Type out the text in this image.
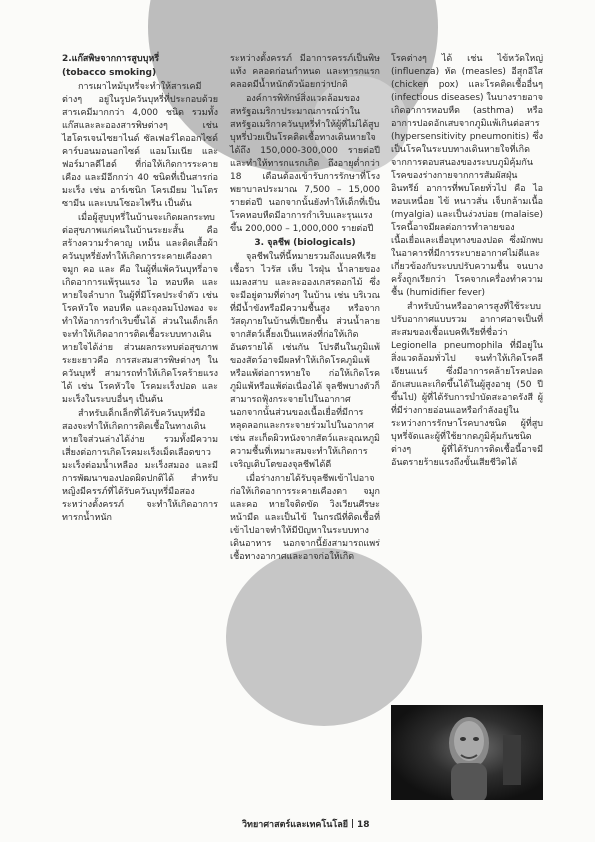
2.แก๊สพิษจากการสูบบุหรี่

(tobacco smoking)

การเผาไหม้บุหรี่จะทำให้สารเคมีต่างๆ อยู่ในรูปควันบุหรี่ที่ประกอบด้วยสารเคมีมากกว่า 4,000 ชนิด รวมทั้งแก๊สและละอองสารพิษต่างๆ เช่น ไฮโดรเจนไซยาไนด์ ซัลเฟอร์ไดออกไซด์ คาร์บอนมอนอกไซด์ แอมโมเนีย และฟอร์มาลดีไฮด์ ที่ก่อให้เกิดการระคายเคือง และมีอีกกว่า 40 ชนิดที่เป็นสารก่อมะเร็ง เช่น อาร์เซนิก โครเมียม ไนโตรซามีน และเบนโซอะไพรีน เป็นต้น

เมื่อผู้สูบบุหรี่ในบ้านจะเกิดผลกระทบต่อสุขภาพแก่คนในบ้านระยะสั้น คือ สร้างความรำคาญ เหม็น และติดเสื้อผ้า ควันบุหรี่ยังทำให้เกิดการระคายเคืองตา จมูก คอ และ คือ ในผู้ที่แพ้ควันบุหรี่อาจเกิดอาการแพ้รุนแรง ไอ หอบหืด และหายใจลำบาก ในผู้ที่มีโรคประจำตัว เช่น โรคหัวใจ หอบหืด และถุงลมโป่งพอง จะทำให้อาการกำเริบขึ้นได้ ส่วนในเด็กเล็กจะทำให้เกิดอาการติดเชื้อระบบทางเดินหายใจได้ง่าย ส่วนผลกระทบต่อสุขภาพระยะยาวคือ การสะสมสารพิษต่างๆ ในควันบุหรี่ สามารถทำให้เกิดโรคร้ายแรงได้ เช่น โรคหัวใจ โรคมะเร็งปอด และมะเร็งในระบบอื่นๆ เป็นต้น

สำหรับเด็กเล็กที่ได้รับควันบุหรี่มือสองจะทำให้เกิดการติดเชื้อในทางเดินหายใจส่วนล่างได้ง่าย รวมทั้งมีความเสี่ยงต่อการเกิดโรคมะเร็งเม็ดเลือดขาว มะเร็งต่อมน้ำเหลือง มะเร็งสมอง และมีการพัฒนาของปอดผิดปกติได้ สำหรับหญิงมีครรภ์ที่ได้รับควันบุหรี่มือสองระหว่างตั้งครรภ์ จะทำให้เกิดอาการทารกน้ำหนัก

ระหว่างตั้งครรภ์ มีอาการครรภ์เป็นพิษ แท้ง คลอดก่อนกำหนด และทารกแรกคลอดมีน้ำหนักตัวน้อยกว่าปกติ

องค์การพิทักษ์สิ่งแวดล้อมของสหรัฐอเมริกาประมาณการณ์ว่าในสหรัฐอเมริกาควันบุหรี่ทำให้ผู้ที่ไม่ได้สูบบุหรี่ป่วยเป็นโรคติดเชื้อทางเดินหายใจได้ถึง 150,000-300,000 รายต่อปี และทำให้ทารกแรกเกิด ถึงอายุต่ำกว่า 18 เดือนต้องเข้ารับการรักษาที่โรงพยาบาลประมาณ 7,500 – 15,000 รายต่อปี นอกจากนั้นยังทำให้เด็กที่เป็นโรคหอบหืดมีอาการกำเริบและรุนแรงขึ้น 200,000 – 1,000,000 รายต่อปี

3. จุลชีพ (biologicals)

จุลชีพในที่นี้หมายรวมถึงแบคทีเรีย เชื้อรา ไวรัส เห็บ ไรฝุ่น น้ำลายของ แมลงสาบ และละอองเกสรดอกไม้ ซึ่งจะมีอยู่ตามที่ต่างๆ ในบ้าน เช่น บริเวณที่มีน้ำขังหรือมีความชื้นสูง หรือจากวัสดุภายในบ้านที่เปียกชื้น ส่วนน้ำลายจากสัตว์เลี้ยงเป็นแหล่งที่ก่อให้เกิดอันตรายได้ เช่นกัน โปรตีนในภูมิแพ้ของสัตว์อาจมีผลทำให้เกิดโรคภูมิแพ้หรือแพ้ต่อการหายใจ ก่อให้เกิดโรคภูมิแพ้หรือแพ้ต่อเนื่องได้ จุลชีพบางตัวก็สามารถฟุ้งกระจายไปในอากาศนอกจากนั้นส่วนของเนื้อเยื่อที่มีการหลุดลอกและกระจายร่วมไปในอากาศ เช่น สะเก็ดผิวหนังจากสัตว์และอุณหภูมิ ความชื้นที่เหมาะสมจะทำให้เกิดการเจริญเติบโตของจุลชีพได้ดี

เมื่อร่างกายได้รับจุลชีพเข้าไปอาจก่อให้เกิดอาการระคายเคืองตา จมูก และคอ หายใจติดขัด วิงเวียนศีรษะ หน้ามืด และเป็นไข้ ในกรณีที่ติดเชื้อที่เข้าไปอาจทำให้มีปัญหาในระบบทางเดินอาหาร นอกจากนี้ยังสามารถแพร่เชื้อทางอากาศและอาจก่อให้เกิด

โรคต่างๆ ได้ เช่น ไข้หวัดใหญ่ (influenza) หัด (measles) อีสุกอีใส (chicken pox) และโรคติดเชื้ออื่นๆ (infectious diseases) ในบางรายอาจเกิดอาการหอบหืด (asthma) หรืออาการปอดอักเสบจากภูมิแพ้เกินต่อสาร (hypersensitivity pneumonitis) ซึ่งเป็นโรคในระบบทางเดินหายใจที่เกิดจากการตอบสนองของระบบภูมิคุ้มกันโรคของร่างกายจากการสัมผัสฝุ่นอินทรีย์ อาการที่พบโดยทั่วไป คือ ไอ หอบเหนื่อย ไข้ หนาวสั่น เจ็บกล้ามเนื้อ (myalgia) และเป็นง่วงบ่อย (malaise) โรคนี้อาจมีผลต่อการทำลายของเนื้อเยื่อและเยื่อบุทางของปอด ซึ่งมักพบในอาคารที่มีการระบายอากาศไม่ดีและเกี่ยวข้องกับระบบปรับความชื้น จนบางครั้งถูกเรียกว่า โรคจากเครื่องทำความชื้น (humidifier fever)

สำหรับบ้านหรืออาคารสูงที่ใช้ระบบปรับอากาศแบบรวม อากาศอาจเป็นที่สะสมของเชื้อแบคทีเรียที่ชื่อว่า Legionella pneumophila ที่มีอยู่ในสิ่งแวดล้อมทั่วไป จนทำให้เกิดโรคลีเจียนแนร์ ซึ่งมีอาการคล้ายโรคปอดอักเสบและเกิดขึ้นได้ในผู้สูงอายุ (50 ปีขึ้นไป) ผู้ที่ได้รับการบำบัดสะอาดรังสี ผู้ที่มีร่างกายอ่อนแอหรือกำลังอยู่ในระหว่างการรักษาโรคบางชนิด ผู้ที่สูบบุหรี่จัดและผู้ที่ใช้ยากดภูมิคุ้มกันชนิดต่างๆ ผู้ที่ได้รับการติดเชื้อนี้อาจมีอันตรายร้ายแรงถึงขั้นเสียชีวิตได้

วิทยาศาสตร์และเทคโนโลยี 18
